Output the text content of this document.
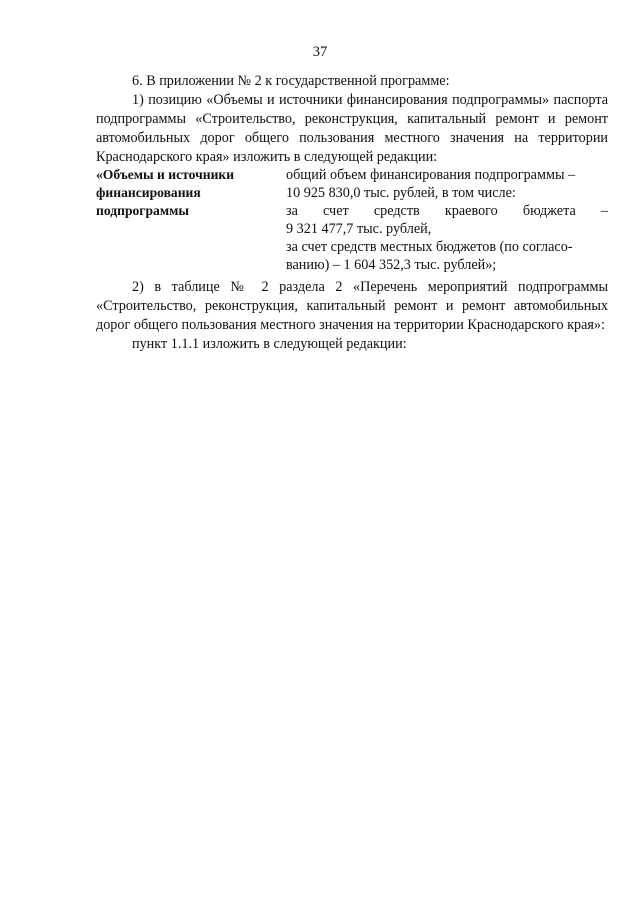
37

6. В приложении № 2 к государственной программе:

1) позицию «Объемы и источники финансирования подпрограммы» паспорта подпрограммы «Строительство, реконструкция, капитальный ремонт и ремонт автомобильных дорог общего пользования местного значения на территории Краснодарского края» изложить в следующей редакции:

«Объемы и источники
финансирования
подпрограммы
общий объем финансирования подпрограммы –
10 925 830,0 тыс. рублей, в том числе:
за счет средств краевого бюджета –
9 321 477,7 тыс. рублей,
за счет средств местных бюджетов (по согласо-
ванию) – 1 604 352,3 тыс. рублей»;

2) в таблице № 2 раздела 2 «Перечень мероприятий подпрограммы «Строительство, реконструкция, капитальный ремонт и ремонт автомобильных дорог общего пользования местного значения на территории Краснодарского края»:

пункт 1.1.1 изложить в следующей редакции:
